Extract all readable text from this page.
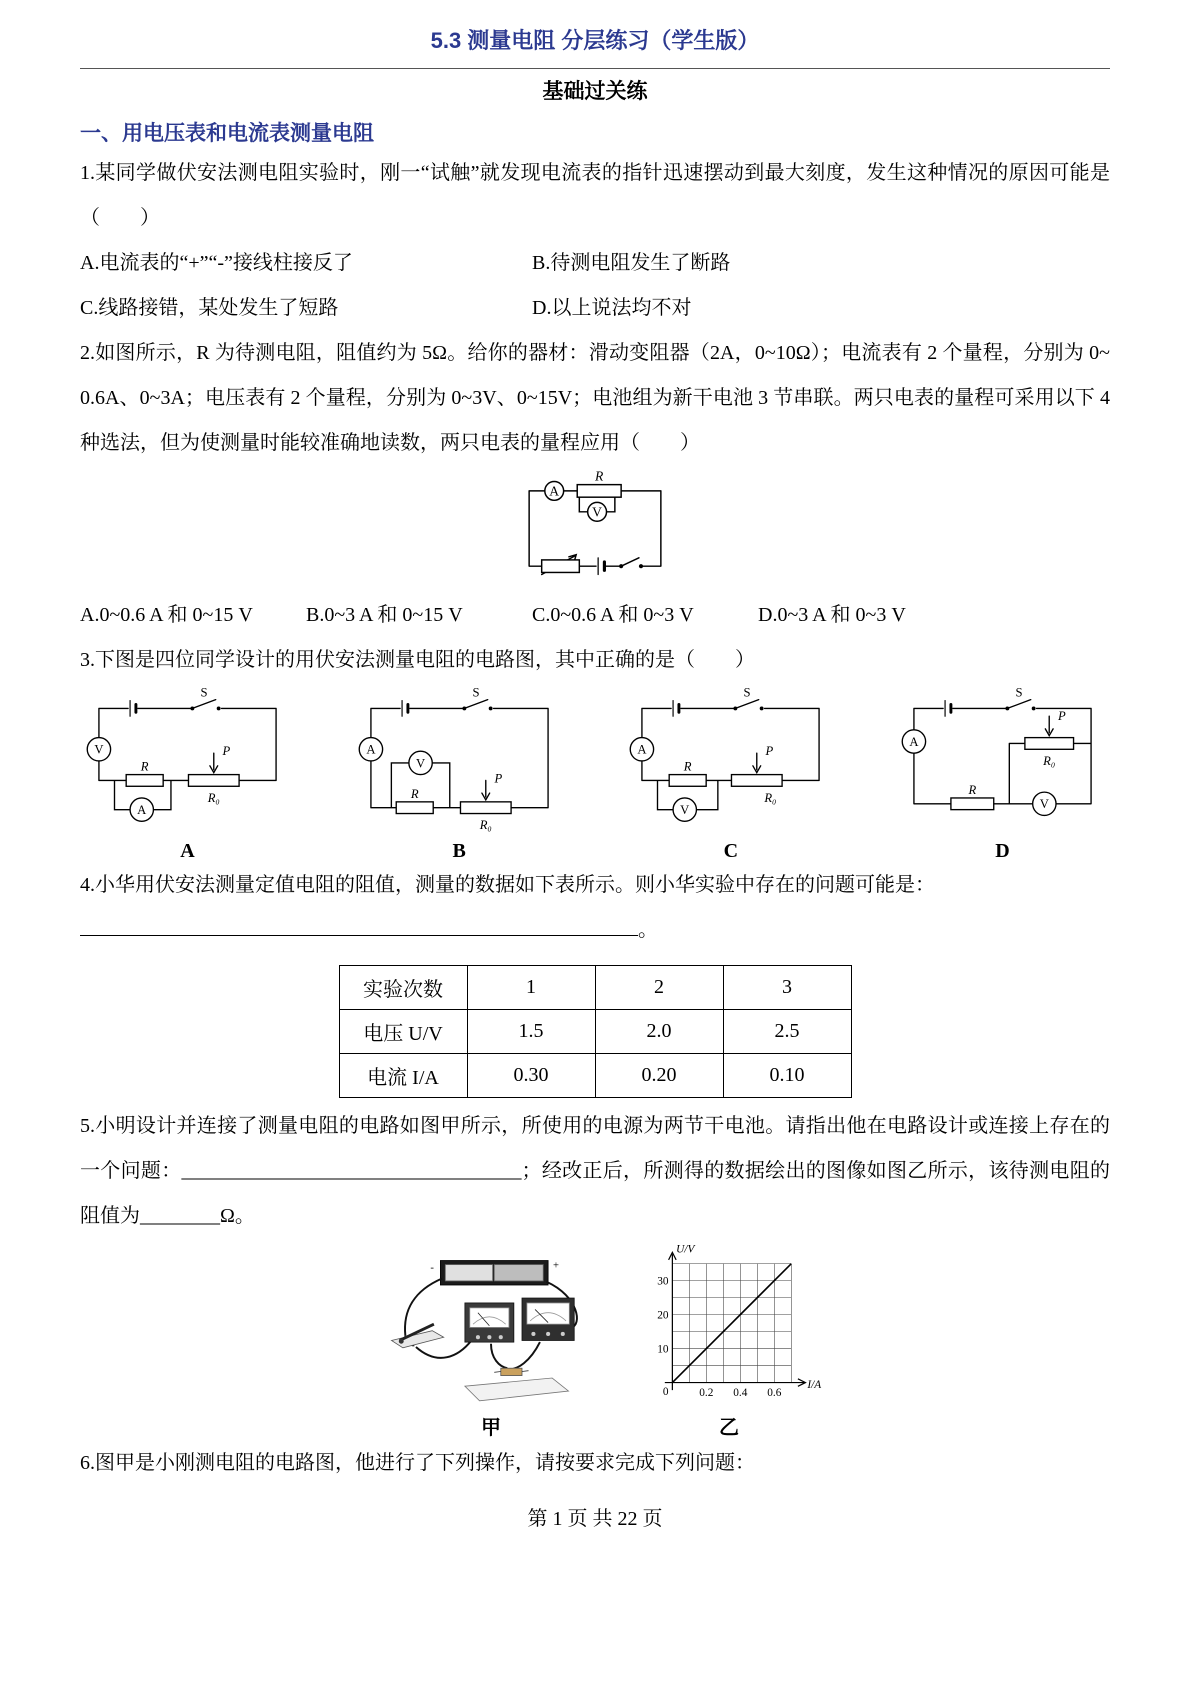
5.3 测量电阻 分层练习（学生版）
基础过关练
一、用电压表和电流表测量电阻

1.某同学做伏安法测电阻实验时，刚一“试触”就发现电流表的指针迅速摆动到最大刻度，发生这种情况的原因可能是（　　）

A.电流表的“+”“-”接线柱接反了	B.待测电阻发生了断路
C.线路接错，某处发生了短路	D.以上说法均不对

2.如图所示，R 为待测电阻，阻值约为 5Ω。给你的器材：滑动变阻器（2A，0~10Ω）；电流表有 2 个量程，分别为 0~0.6A、0~3A；电压表有 2 个量程，分别为 0~3V、0~15V；电池组为新干电池 3 节串联。两只电表的量程可采用以下 4 种选法，但为使测量时能较准确地读数，两只电表的量程应用（　　）

A
R
V
A.0~0.6 A 和 0~15 V	B.0~3 A 和 0~15 V	C.0~0.6 A 和 0~3 V	D.0~3 A 和 0~3 V

3.下图是四位同学设计的用伏安法测量电阻的电路图，其中正确的是（　　）

S
V
R
R₀
P
A
A
S
A
V
R
R₀
P
B
S
A
R
R₀
P
V
C
S
A
R₀
P
R
V
D

4.小华用伏安法测量定值电阻的阻值，测量的数据如下表所示。则小华实验中存在的问题可能是：

。

实验次数	1	2	3
电压 U/V	1.5	2.0	2.5
电流 I/A	0.30	0.20	0.10

5.小明设计并连接了测量电阻的电路如图甲所示，所使用的电源为两节干电池。请指出他在电路设计或连接上存在的一个问题：__________________________________；经改正后，所测得的数据绘出的图像如图乙所示，该待测电阻的阻值为________Ω。

-	+
甲
U/V
I/A
0
30
20
10
0.2 0.4 0.6
乙

6.图甲是小刚测电阻的电路图，他进行了下列操作，请按要求完成下列问题：

第 1 页 共 22 页
